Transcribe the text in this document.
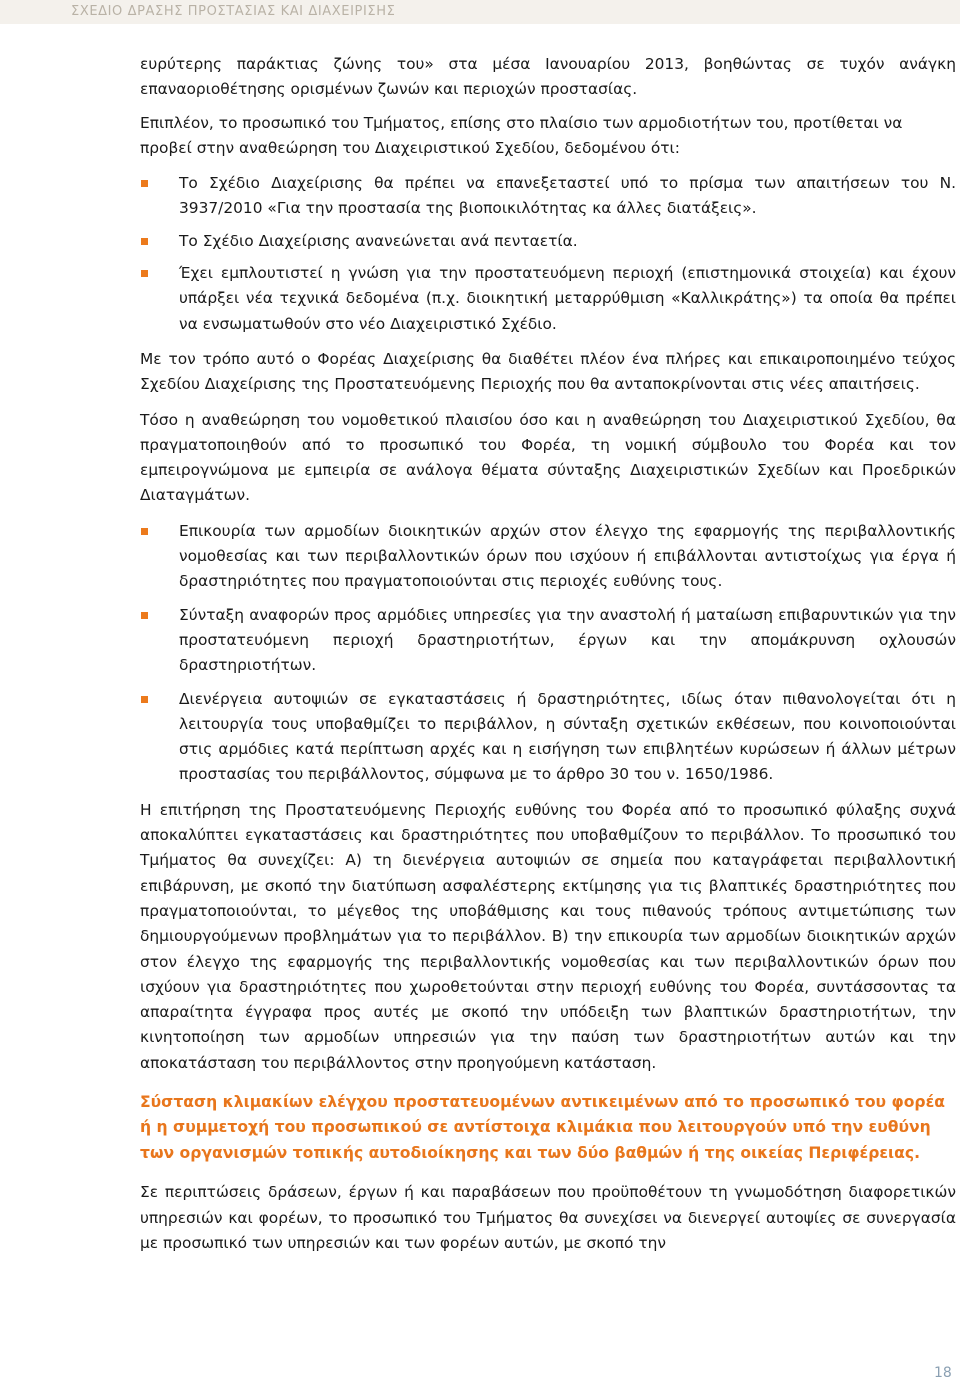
ΣΧΕΔΙΟ ΔΡΑΣΗΣ ΠΡΟΣΤΑΣΙΑΣ ΚΑΙ ΔΙΑΧΕΙΡΙΣΗΣ

ευρύτερης παράκτιας ζώνης του» στα μέσα Ιανουαρίου 2013, βοηθώντας σε τυχόν ανάγκη επαναοριοθέτησης ορισμένων ζωνών και περιοχών προστασίας.

Επιπλέον, το προσωπικό του Τμήματος, επίσης στο πλαίσιο των αρμοδιοτήτων του, προτίθεται να προβεί στην αναθεώρηση του Διαχειριστικού Σχεδίου, δεδομένου ότι:

Το Σχέδιο Διαχείρισης θα πρέπει να επανεξεταστεί υπό το πρίσμα των απαιτήσεων του Ν. 3937/2010 «Για την προστασία της βιοποικιλότητας κα άλλες διατάξεις».
Το Σχέδιο Διαχείρισης ανανεώνεται ανά πενταετία.
Έχει εμπλουτιστεί η γνώση για την προστατευόμενη περιοχή (επιστημονικά στοιχεία) και έχουν υπάρξει νέα τεχνικά δεδομένα (π.χ. διοικητική μεταρρύθμιση «Καλλικράτης») τα οποία θα πρέπει να ενσωματωθούν στο νέο Διαχειριστικό Σχέδιο.

Με τον τρόπο αυτό ο Φορέας Διαχείρισης θα διαθέτει πλέον ένα πλήρες και επικαιροποιημένο τεύχος Σχεδίου Διαχείρισης της Προστατευόμενης Περιοχής που θα ανταποκρίνονται στις νέες απαιτήσεις.

Τόσο η αναθεώρηση του νομοθετικού πλαισίου όσο και η αναθεώρηση του Διαχειριστικού Σχεδίου, θα πραγματοποιηθούν από το προσωπικό του Φορέα, τη νομική σύμβουλο του Φορέα και τον εμπειρογνώμονα με εμπειρία σε ανάλογα θέματα σύνταξης Διαχειριστικών Σχεδίων και Προεδρικών Διαταγμάτων.

Επικουρία των αρμοδίων διοικητικών αρχών στον έλεγχο της εφαρμογής της περιβαλλοντικής νομοθεσίας και των περιβαλλοντικών όρων που ισχύουν ή επιβάλλονται αντιστοίχως για έργα ή δραστηριότητες που πραγματοποιούνται στις περιοχές ευθύνης τους.
Σύνταξη αναφορών προς αρμόδιες υπηρεσίες για την αναστολή ή ματαίωση επιβαρυντικών για την προστατευόμενη περιοχή δραστηριοτήτων, έργων και την απομάκρυνση οχλουσών δραστηριοτήτων.
Διενέργεια αυτοψιών σε εγκαταστάσεις ή δραστηριότητες, ιδίως όταν πιθανολογείται ότι η λειτουργία τους υποβαθμίζει το περιβάλλον, η σύνταξη σχετικών εκθέσεων, που κοινοποιούνται στις αρμόδιες κατά περίπτωση αρχές και η εισήγηση των επιβλητέων κυρώσεων ή άλλων μέτρων προστασίας του περιβάλλοντος, σύμφωνα με το άρθρο 30 του ν. 1650/1986.

Η επιτήρηση της Προστατευόμενης Περιοχής ευθύνης του Φορέα από το προσωπικό φύλαξης συχνά αποκαλύπτει εγκαταστάσεις και δραστηριότητες που υποβαθμίζουν το περιβάλλον. Το προσωπικό του Τμήματος θα συνεχίζει: Α) τη διενέργεια αυτοψιών σε σημεία που καταγράφεται περιβαλλοντική επιβάρυνση, με σκοπό την διατύπωση ασφαλέστερης εκτίμησης για τις βλαπτικές δραστηριότητες που πραγματοποιούνται, το μέγεθος της υποβάθμισης και τους πιθανούς τρόπους αντιμετώπισης των δημιουργούμενων προβλημάτων για το περιβάλλον. Β) την επικουρία των αρμοδίων διοικητικών αρχών στον έλεγχο της εφαρμογής της περιβαλλοντικής νομοθεσίας και των περιβαλλοντικών όρων που ισχύουν για δραστηριότητες που χωροθετούνται στην περιοχή ευθύνης του Φορέα, συντάσσοντας τα απαραίτητα έγγραφα προς αυτές με σκοπό την υπόδειξη των βλαπτικών δραστηριοτήτων, την κινητοποίηση των αρμοδίων υπηρεσιών για την παύση των δραστηριοτήτων αυτών και την αποκατάσταση του περιβάλλοντος στην προηγούμενη κατάσταση.

Σύσταση κλιμακίων ελέγχου προστατευομένων αντικειμένων από το προσωπικό του φορέα ή η συμμετοχή του προσωπικού σε αντίστοιχα κλιμάκια που λειτουργούν υπό την ευθύνη των οργανισμών τοπικής αυτοδιοίκησης και των δύο βαθμών ή της οικείας Περιφέρειας.

Σε περιπτώσεις δράσεων, έργων ή και παραβάσεων που προϋποθέτουν τη γνωμοδότηση διαφορετικών υπηρεσιών και φορέων, το προσωπικό του Τμήματος θα συνεχίσει να διενεργεί αυτοψίες σε συνεργασία με προσωπικό των υπηρεσιών και των φορέων αυτών, με σκοπό την

18
